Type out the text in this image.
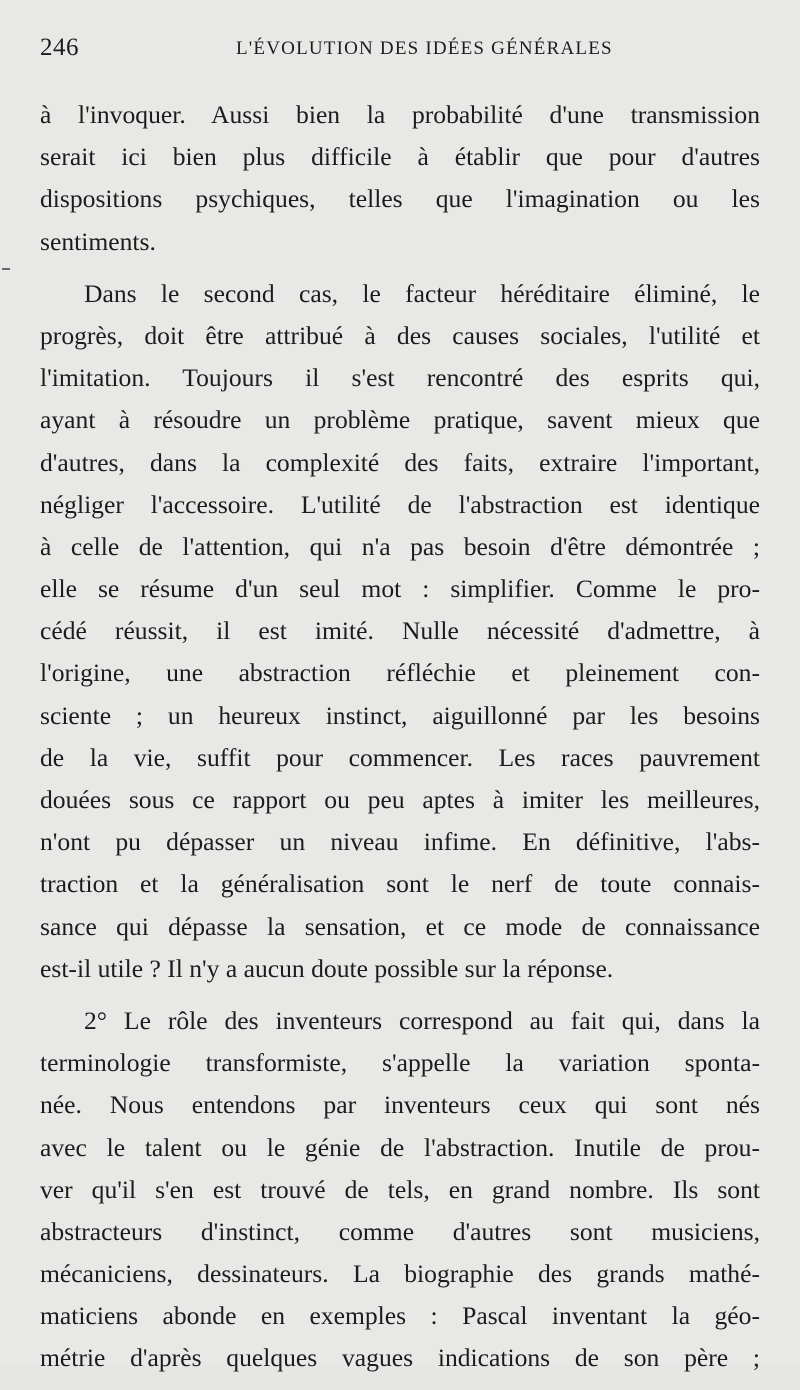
246	L'ÉVOLUTION DES IDÉES GÉNÉRALES
à l'invoquer. Aussi bien la probabilité d'une transmission
serait ici bien plus difficile à établir que pour d'autres
dispositions psychiques, telles que l'imagination ou les
sentiments.
Dans le second cas, le facteur héréditaire éliminé, le
progrès, doit être attribué à des causes sociales, l'utilité et
l'imitation. Toujours il s'est rencontré des esprits qui,
ayant à résoudre un problème pratique, savent mieux que
d'autres, dans la complexité des faits, extraire l'important,
négliger l'accessoire. L'utilité de l'abstraction est identique
à celle de l'attention, qui n'a pas besoin d'être démontrée ;
elle se résume d'un seul mot : simplifier. Comme le pro-
cédé réussit, il est imité. Nulle nécessité d'admettre, à
l'origine, une abstraction réfléchie et pleinement con-
sciente ; un heureux instinct, aiguillonné par les besoins
de la vie, suffit pour commencer. Les races pauvrement
douées sous ce rapport ou peu aptes à imiter les meilleures,
n'ont pu dépasser un niveau infime. En définitive, l'abs-
traction et la généralisation sont le nerf de toute connais-
sance qui dépasse la sensation, et ce mode de connaissance
est-il utile ? Il n'y a aucun doute possible sur la réponse.
2° Le rôle des inventeurs correspond au fait qui, dans la
terminologie transformiste, s'appelle la variation sponta-
née. Nous entendons par inventeurs ceux qui sont nés
avec le talent ou le génie de l'abstraction. Inutile de prou-
ver qu'il s'en est trouvé de tels, en grand nombre. Ils sont
abstracteurs d'instinct, comme d'autres sont musiciens,
mécaniciens, dessinateurs. La biographie des grands mathé-
maticiens abonde en exemples : Pascal inventant la géo-
métrie d'après quelques vagues indications de son père ;
